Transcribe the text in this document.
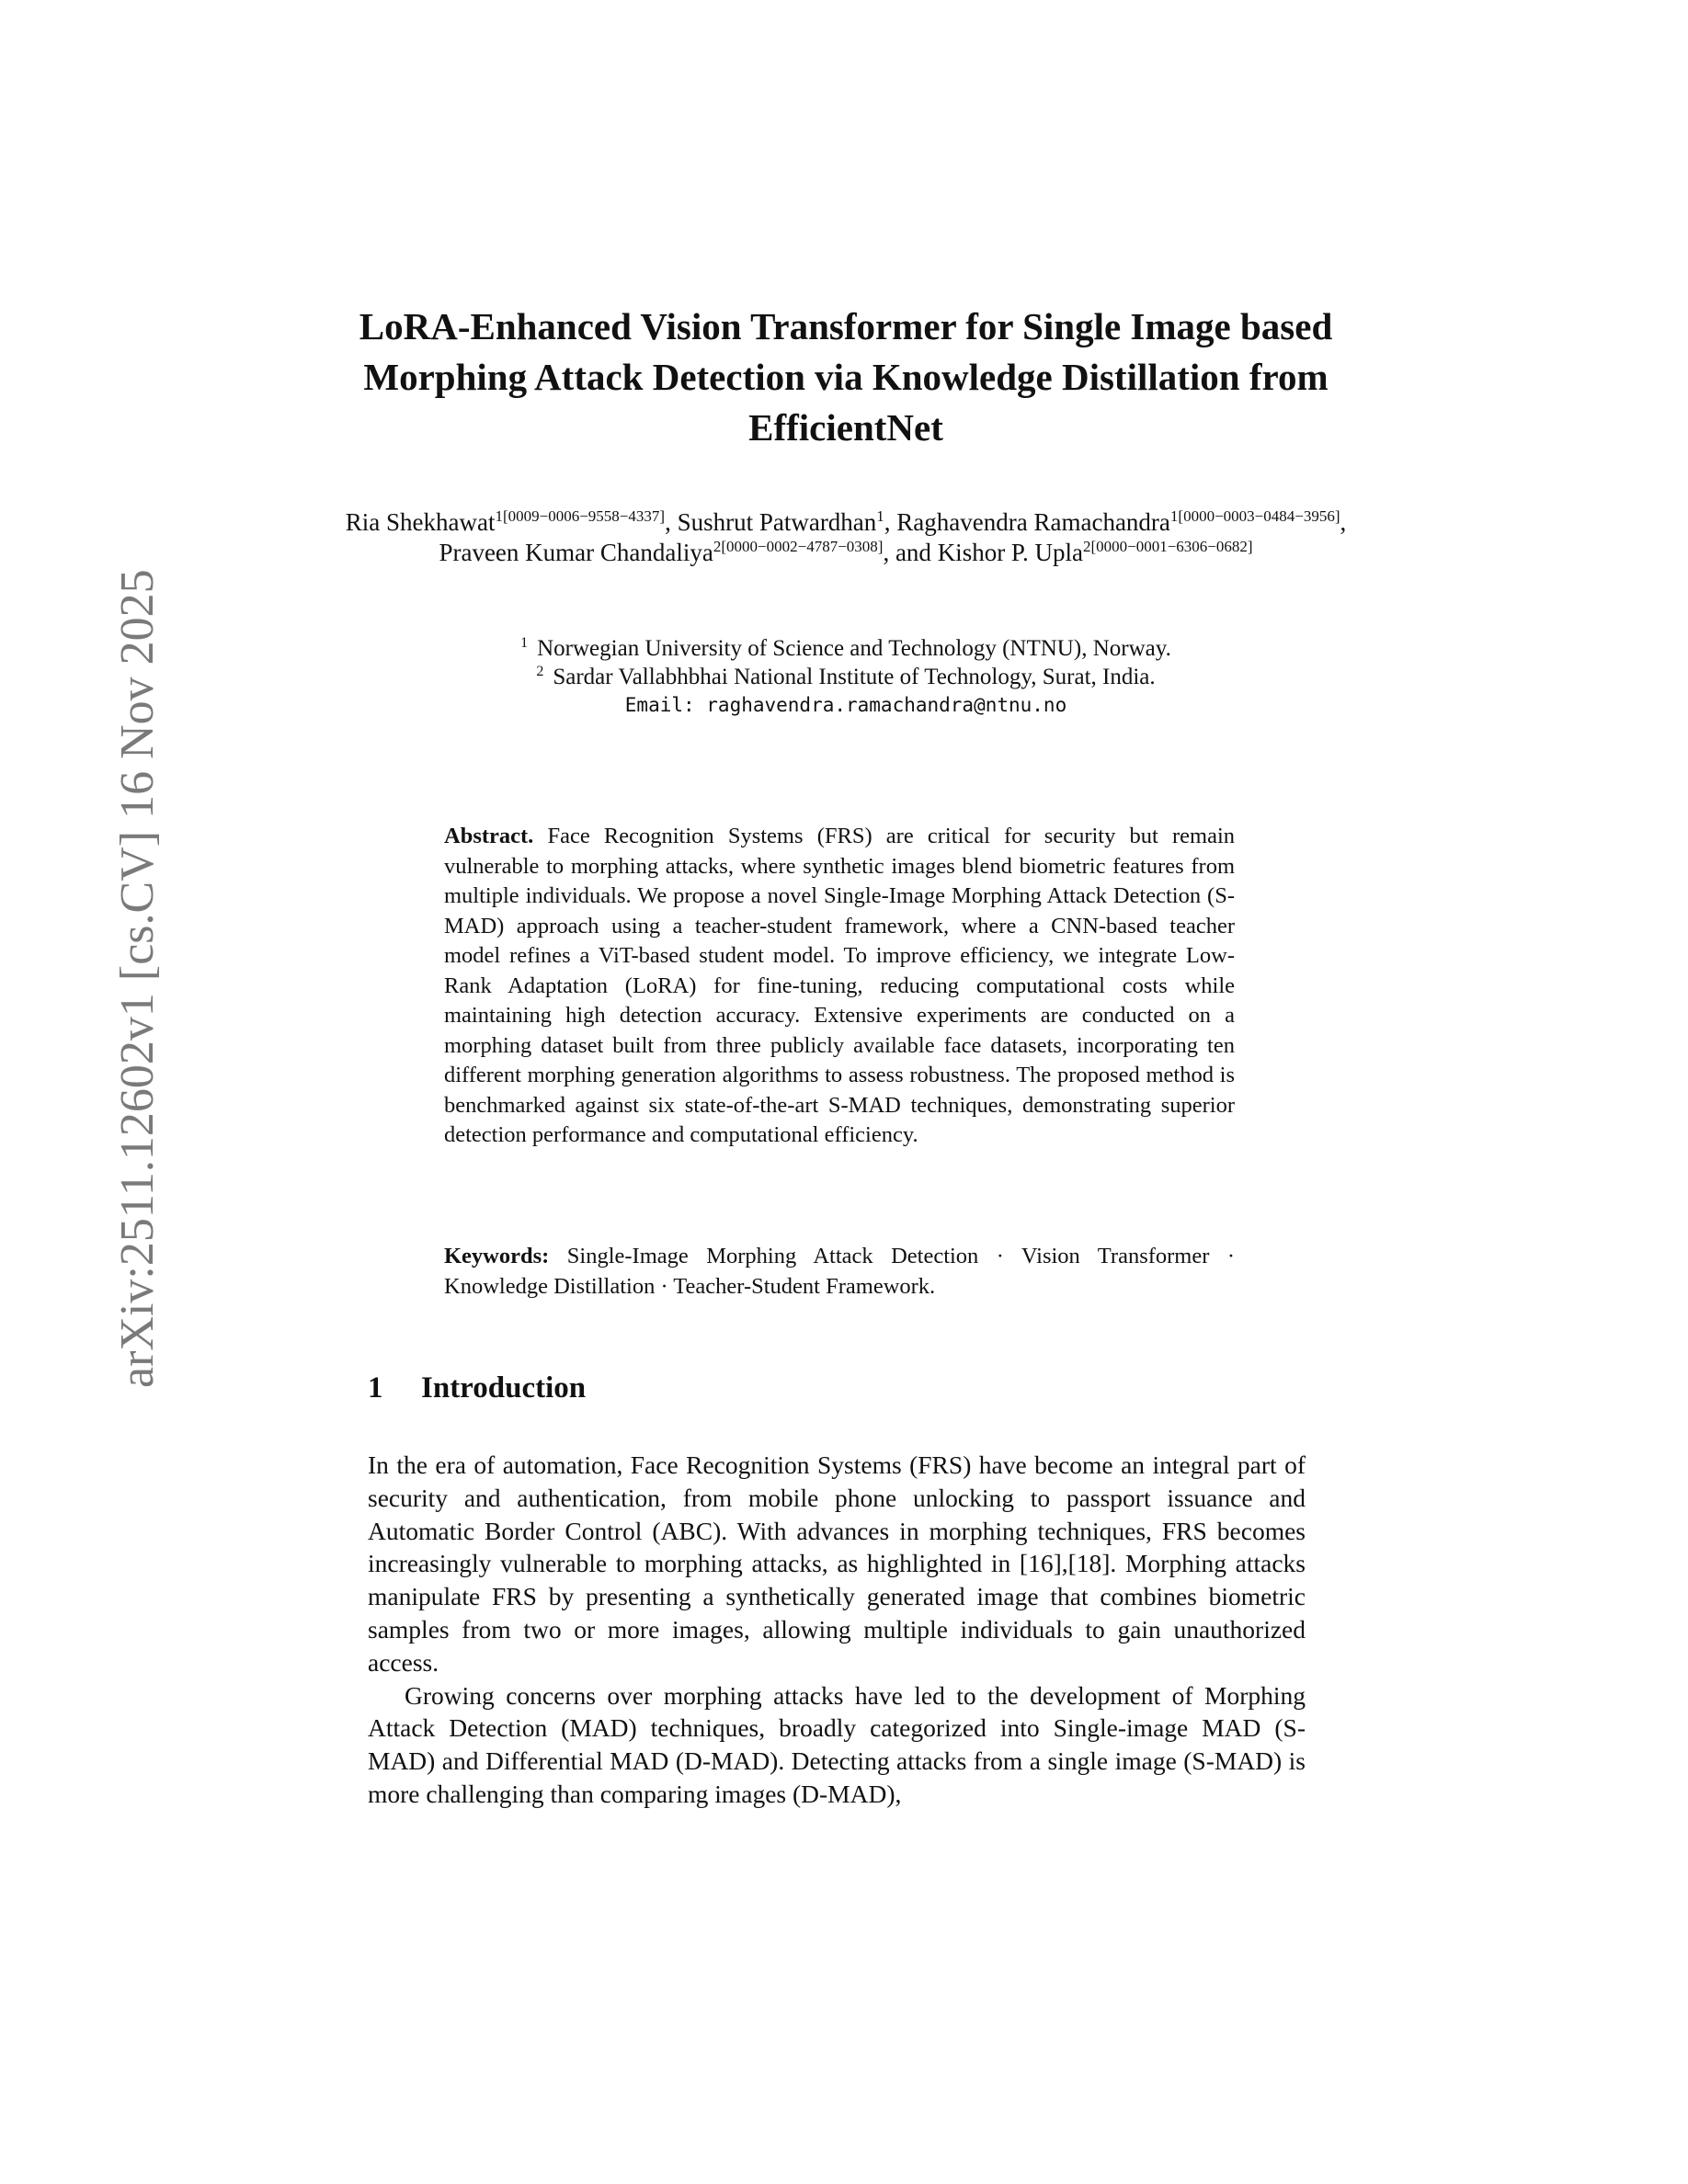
arXiv:2511.12602v1 [cs.CV] 16 Nov 2025
LoRA-Enhanced Vision Transformer for Single Image based Morphing Attack Detection via Knowledge Distillation from EfficientNet
Ria Shekhawat$^{1[0009-0006-9558-4337]}$, Sushrut Patwardhan$^1$, Raghavendra Ramachandra$^{1[0000-0003-0484-3956]}$, Praveen Kumar Chandaliya$^{2[0000-0002-4787-0308]}$, and Kishor P. Upla$^{2[0000-0001-6306-0682]}$
$^1$ Norwegian University of Science and Technology (NTNU), Norway.
$^2$ Sardar Vallabhbhai National Institute of Technology, Surat, India.
Email: raghavendra.ramachandra@ntnu.no
Abstract. Face Recognition Systems (FRS) are critical for security but remain vulnerable to morphing attacks, where synthetic images blend biometric features from multiple individuals. We propose a novel Single-Image Morphing Attack Detection (S-MAD) approach using a teacher-student framework, where a CNN-based teacher model refines a ViT-based student model. To improve efficiency, we integrate Low-Rank Adaptation (LoRA) for fine-tuning, reducing computational costs while maintaining high detection accuracy. Extensive experiments are conducted on a morphing dataset built from three publicly available face datasets, incorporating ten different morphing generation algorithms to assess robustness. The proposed method is benchmarked against six state-of-the-art S-MAD techniques, demonstrating superior detection performance and computational efficiency.
Keywords: Single-Image Morphing Attack Detection · Vision Transformer · Knowledge Distillation · Teacher-Student Framework.
1 Introduction

In the era of automation, Face Recognition Systems (FRS) have become an integral part of security and authentication, from mobile phone unlocking to passport issuance and Automatic Border Control (ABC). With advances in morphing techniques, FRS becomes increasingly vulnerable to morphing attacks, as highlighted in [16],[18]. Morphing attacks manipulate FRS by presenting a synthetically generated image that combines biometric samples from two or more images, allowing multiple individuals to gain unauthorized access.

Growing concerns over morphing attacks have led to the development of Morphing Attack Detection (MAD) techniques, broadly categorized into Single-image MAD (S-MAD) and Differential MAD (D-MAD). Detecting attacks from a single image (S-MAD) is more challenging than comparing images (D-MAD),
